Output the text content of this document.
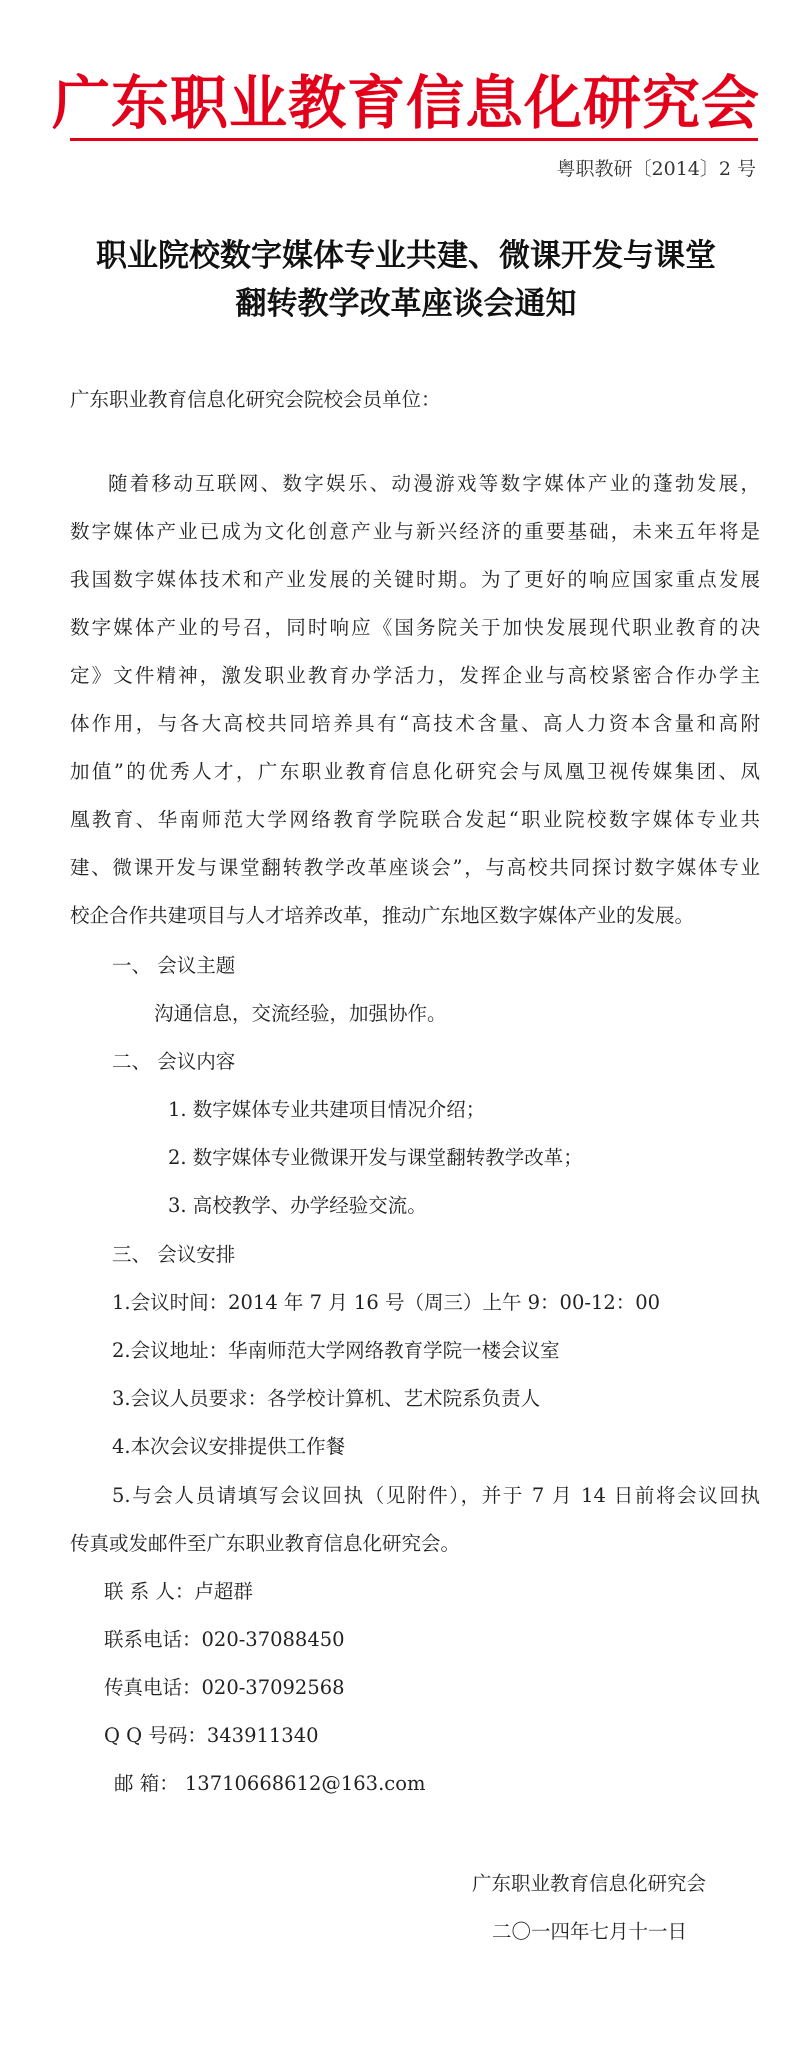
广东职业教育信息化研究会
粤职教研〔2014〕2 号
职业院校数字媒体专业共建、微课开发与课堂
翻转教学改革座谈会通知
广东职业教育信息化研究会院校会员单位：
随着移动互联网、数字娱乐、动漫游戏等数字媒体产业的蓬勃发展，
数字媒体产业已成为文化创意产业与新兴经济的重要基础，未来五年将是
我国数字媒体技术和产业发展的关键时期。为了更好的响应国家重点发展
数字媒体产业的号召，同时响应《国务院关于加快发展现代职业教育的决
定》文件精神，激发职业教育办学活力，发挥企业与高校紧密合作办学主
体作用，与各大高校共同培养具有“高技术含量、高人力资本含量和高附
加值”的优秀人才，广东职业教育信息化研究会与凤凰卫视传媒集团、凤
凰教育、华南师范大学网络教育学院联合发起“职业院校数字媒体专业共
建、微课开发与课堂翻转教学改革座谈会”，与高校共同探讨数字媒体专业
校企合作共建项目与人才培养改革，推动广东地区数字媒体产业的发展。
一、 会议主题
沟通信息，交流经验，加强协作。
二、 会议内容
1. 数字媒体专业共建项目情况介绍；
2. 数字媒体专业微课开发与课堂翻转教学改革；
3. 高校教学、办学经验交流。
三、 会议安排
1.会议时间：2014 年 7 月 16 号（周三）上午 9：00-12：00
2.会议地址：华南师范大学网络教育学院一楼会议室
3.会议人员要求：各学校计算机、艺术院系负责人
4.本次会议安排提供工作餐
5.与会人员请填写会议回执（见附件），并于 7 月 14 日前将会议回执
传真或发邮件至广东职业教育信息化研究会。
联 系 人：卢超群
联系电话：020-37088450
传真电话：020-37092568
Q Q 号码：343911340
邮 箱： 13710668612@163.com
广东职业教育信息化研究会
二〇一四年七月十一日
